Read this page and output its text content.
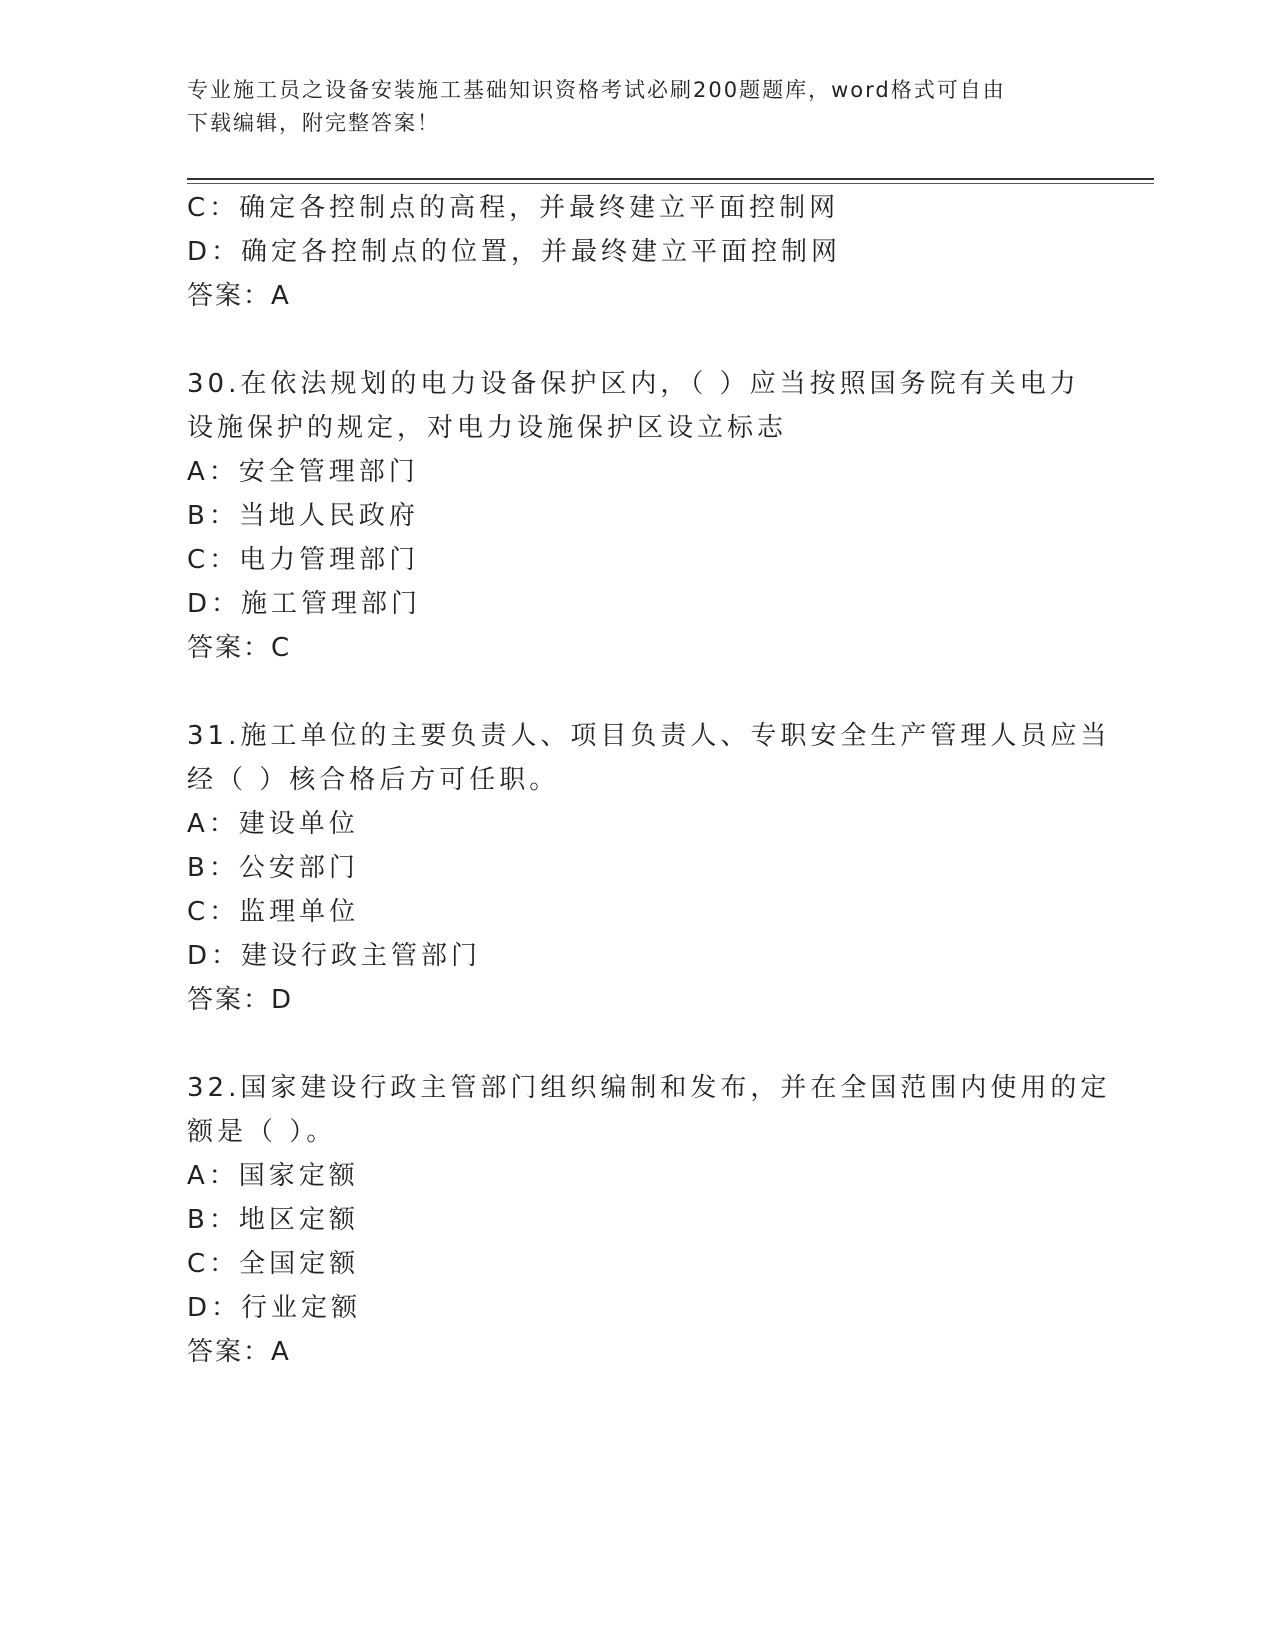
专业施工员之设备安装施工基础知识资格考试必刷200题题库，word格式可自由
下载编辑，附完整答案！
C：确定各控制点的高程，并最终建立平面控制网
D：确定各控制点的位置，并最终建立平面控制网
答案：A
30.在依法规划的电力设备保护区内，（ ）应当按照国务院有关电力
设施保护的规定，对电力设施保护区设立标志
A：安全管理部门
B：当地人民政府
C：电力管理部门
D：施工管理部门
答案：C
31.施工单位的主要负责人、项目负责人、专职安全生产管理人员应当
经（ ）核合格后方可任职。
A：建设单位
B：公安部门
C：监理单位
D：建设行政主管部门
答案：D
32.国家建设行政主管部门组织编制和发布，并在全国范围内使用的定
额是（ ）。
A：国家定额
B：地区定额
C：全国定额
D：行业定额
答案：A
